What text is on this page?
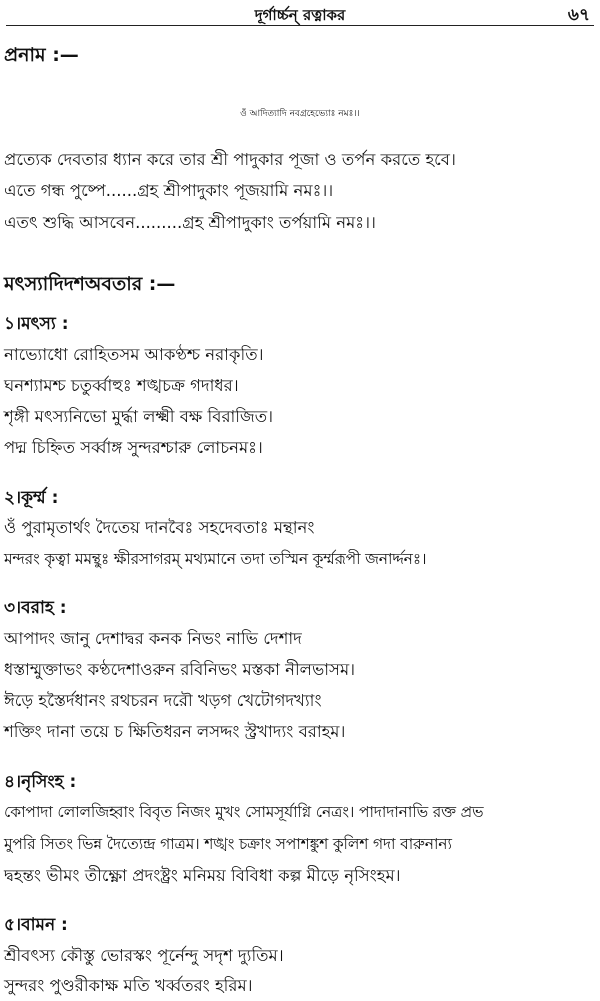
দূর্গার্চ্চন্ রত্নাকর	৬৭
প্রনাম :—
ওঁ আদিত্যাদি নবগ্রহেভ্যোঃ নমঃ।।
প্রত্যেক দেবতার ধ্যান করে তার শ্রী পাদুকার পূজা ও তর্পন করতে হবে।
এতে গন্ধ পুষ্পে......গ্রহ শ্রীপাদুকাং পূজয়ামি নমঃ।।
এতৎ শুদ্ধি আসবেন.........গ্রহ শ্রীপাদুকাং তর্পয়ামি নমঃ।।
মৎস্যাদিদশঅবতার :—
১।মৎস্য :
নাভ্যোধো রোহিতসম আকণ্ঠশ্চ নরাকৃতি।
ঘনশ্যামশ্চ চতুর্ব্বাহুঃ শঙ্খচক্র গদাধর।
শৃঙ্গী মৎস্যনিভো মুর্দ্ধা লক্ষ্মী বক্ষ বিরাজিত।
পদ্ম চিহ্নিত সর্ব্বাঙ্গ সুন্দরশ্চারু লোচনমঃ।
২।কূর্ম্ম :
ওঁ পুরামৃতার্থং দৈতেয় দানবৈঃ সহদেবতাঃ মন্থানং
মন্দরং কৃত্বা মমন্থুঃ ক্ষীরসাগরম্ মথ্যমানে তদা তস্মিন কূর্ম্মরূপী জনার্দ্দনঃ।
৩।বরাহ :
আপাদং জানু দেশাদ্বর কনক নিভং নাভি দেশাদ
ধস্তাম্মুক্তাভং কণ্ঠদেশাওরুন রবিনিভং মস্তকা নীলভাসম।
ঈড়ে হস্তৈর্দধানং রথচরন দরৌ খড়গ খেটোগদখ্যাং
শক্তিং দানা তয়ে চ ক্ষিতিধরন লসদ্দং স্ট্রখাদ্যং বরাহম।
৪।নৃসিংহ :
কোপাদা লোলজিহ্বাং বিবৃত নিজং মুখং সোমসূর্যাগ্নি নেত্রং। পাদাদানাভি রক্ত প্রভ
মুপরি সিতং ভিন্ন দৈত্যেন্দ্র গাত্রম। শঙ্খং চক্রাং সপাশঙ্কুশ কুলিশ গদা বারুনান্য
দ্বহন্তং ভীমং তীক্ষ্ণো প্রদংষ্ট্রং মনিময় বিবিধা কল্প মীড়ে নৃসিংহম।
৫।বামন :
শ্রীবৎস্য কৌস্তু ভোরস্কং পূর্নেন্দু সদৃশ দ্যুতিম।
সুন্দরং পুণ্ডরীকাক্ষ মতি খর্ব্বতরং হরিম।
